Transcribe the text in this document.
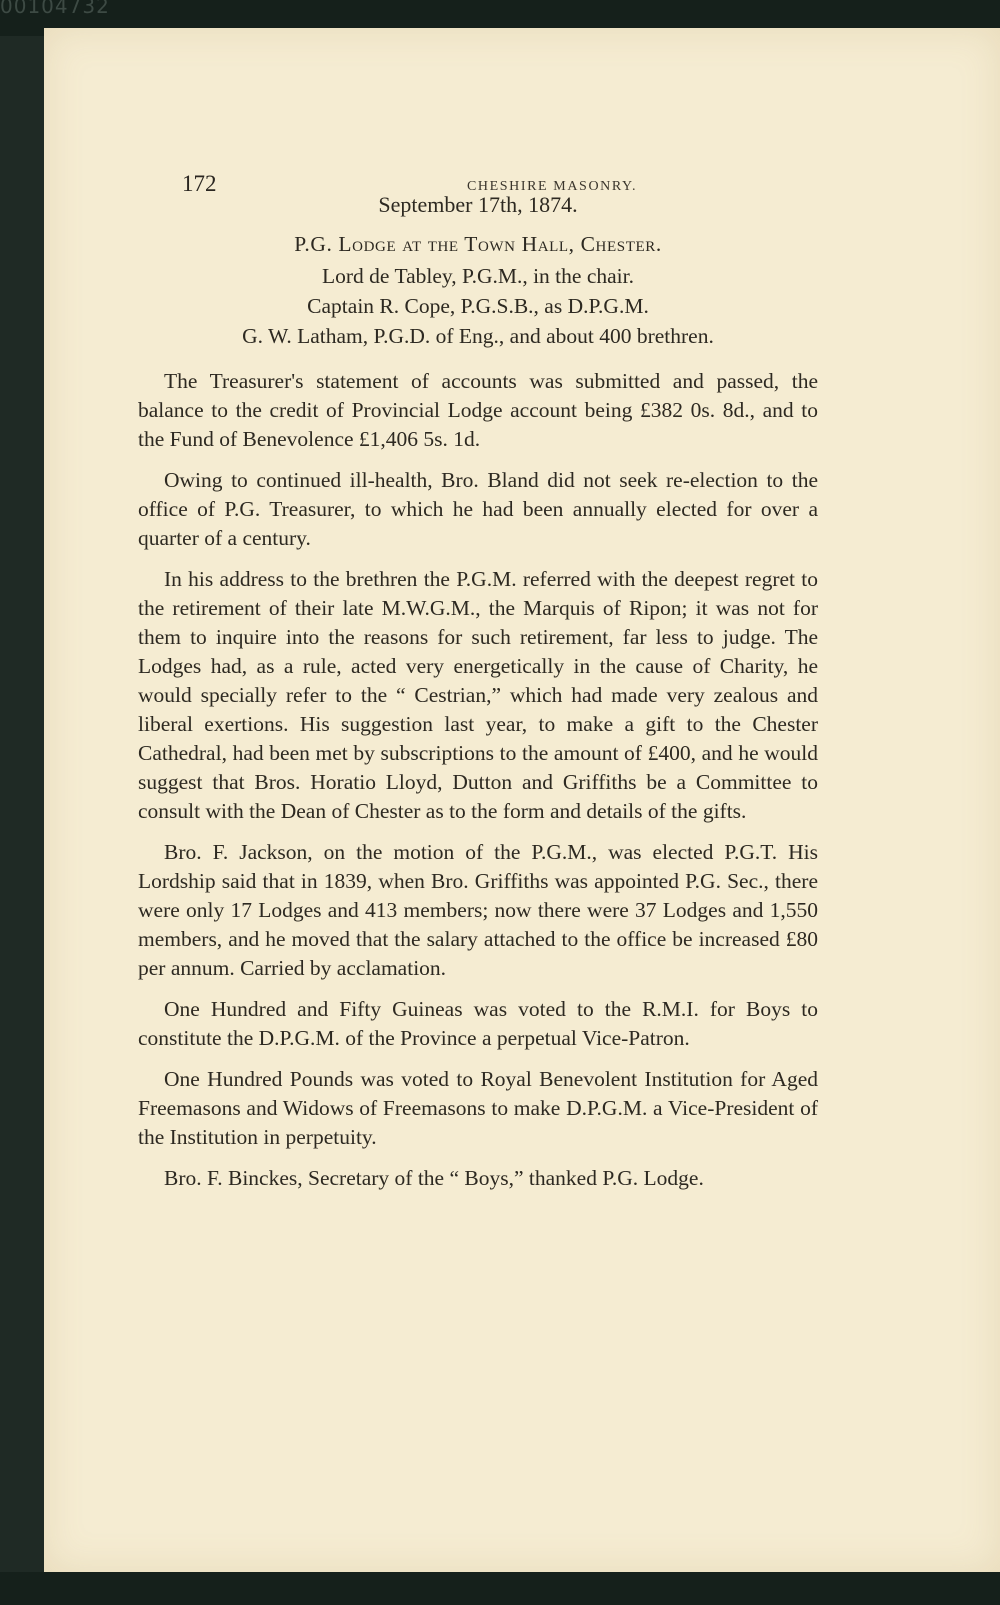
00104732
172	CHESHIRE MASONRY.

September 17th, 1874.

P.G. Lodge at the Town Hall, Chester.

Lord de Tabley, P.G.M., in the chair.

Captain R. Cope, P.G.S.B., as D.P.G.M.

G. W. Latham, P.G.D. of Eng., and about 400 brethren.

The Treasurer's statement of accounts was submitted and passed, the balance to the credit of Provincial Lodge account being £382 0s. 8d., and to the Fund of Benevolence £1,406 5s. 1d.

Owing to continued ill-health, Bro. Bland did not seek re-election to the office of P.G. Treasurer, to which he had been annually elected for over a quarter of a century.

In his address to the brethren the P.G.M. referred with the deepest regret to the retirement of their late M.W.G.M., the Marquis of Ripon; it was not for them to inquire into the reasons for such retirement, far less to judge. The Lodges had, as a rule, acted very energetically in the cause of Charity, he would specially refer to the “ Cestrian,” which had made very zealous and liberal exertions. His suggestion last year, to make a gift to the Chester Cathedral, had been met by subscriptions to the amount of £400, and he would suggest that Bros. Horatio Lloyd, Dutton and Griffiths be a Committee to consult with the Dean of Chester as to the form and details of the gifts.

Bro. F. Jackson, on the motion of the P.G.M., was elected P.G.T. His Lordship said that in 1839, when Bro. Griffiths was appointed P.G. Sec., there were only 17 Lodges and 413 members; now there were 37 Lodges and 1,550 members, and he moved that the salary attached to the office be increased £80 per annum. Carried by acclamation.

One Hundred and Fifty Guineas was voted to the R.M.I. for Boys to constitute the D.P.G.M. of the Province a perpetual Vice-Patron.

One Hundred Pounds was voted to Royal Benevolent Institution for Aged Freemasons and Widows of Freemasons to make D.P.G.M. a Vice-President of the Institution in perpetuity.

Bro. F. Binckes, Secretary of the “ Boys,” thanked P.G. Lodge.
